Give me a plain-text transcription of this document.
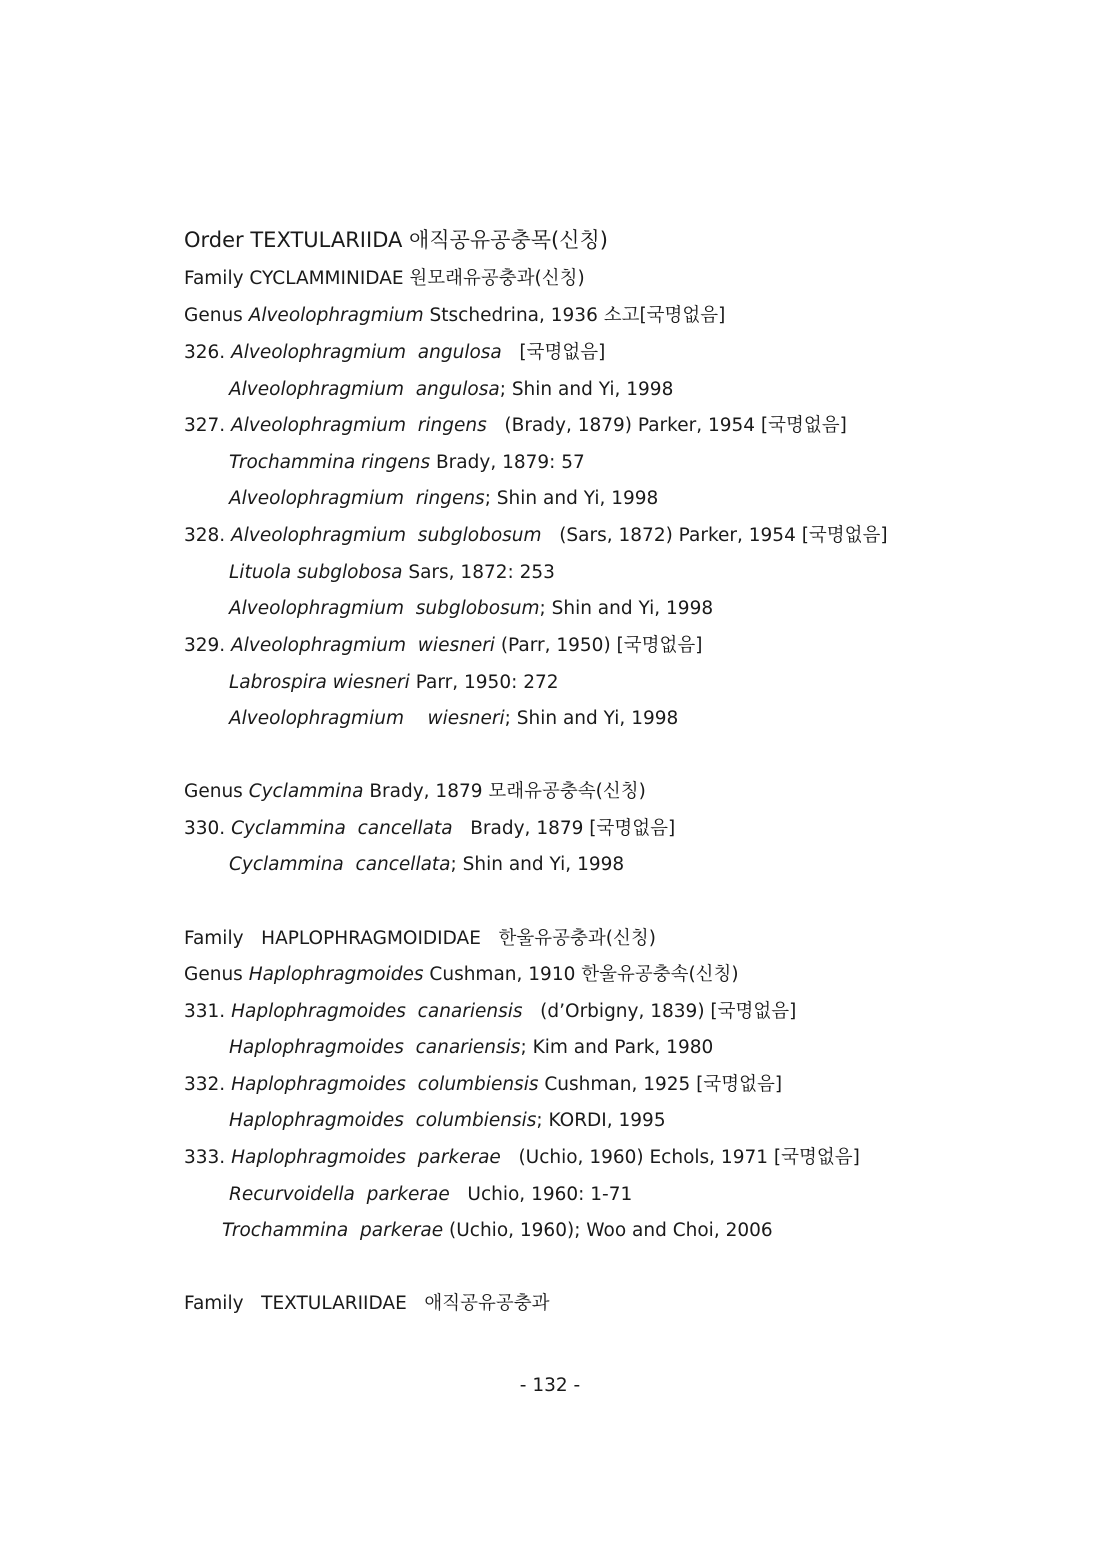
Order TEXTULARIIDA 애직공유공충목(신칭)
Family CYCLAMMINIDAE 원모래유공충과(신칭)
Genus Alveolophragmium Stschedrina, 1936 소고[국명없음]
326. Alveolophragmium  angulosa   [국명없음]
Alveolophragmium  angulosa; Shin and Yi, 1998
327. Alveolophragmium  ringens   (Brady, 1879) Parker, 1954 [국명없음]
Trochammina ringens Brady, 1879: 57
Alveolophragmium  ringens; Shin and Yi, 1998
328. Alveolophragmium  subglobosum   (Sars, 1872) Parker, 1954 [국명없음]
Lituola subglobosa Sars, 1872: 253
Alveolophragmium  subglobosum; Shin and Yi, 1998
329. Alveolophragmium  wiesneri (Parr, 1950) [국명없음]
Labrospira wiesneri Parr, 1950: 272
Alveolophragmium    wiesneri; Shin and Yi, 1998
Genus Cyclammina Brady, 1879 모래유공충속(신칭)
330. Cyclammina  cancellata   Brady, 1879 [국명없음]
Cyclammina  cancellata; Shin and Yi, 1998
Family   HAPLOPHRAGMOIDIDAE   한울유공충과(신칭)
Genus Haplophragmoides Cushman, 1910 한울유공충속(신칭)
331. Haplophragmoides  canariensis   (d’Orbigny, 1839) [국명없음]
Haplophragmoides  canariensis; Kim and Park, 1980
332. Haplophragmoides  columbiensis Cushman, 1925 [국명없음]
Haplophragmoides  columbiensis; KORDI, 1995
333. Haplophragmoides  parkerae   (Uchio, 1960) Echols, 1971 [국명없음]
Recurvoidella  parkerae   Uchio, 1960: 1-71
Trochammina  parkerae (Uchio, 1960); Woo and Choi, 2006
Family   TEXTULARIIDAE   애직공유공충과
- 132 -
